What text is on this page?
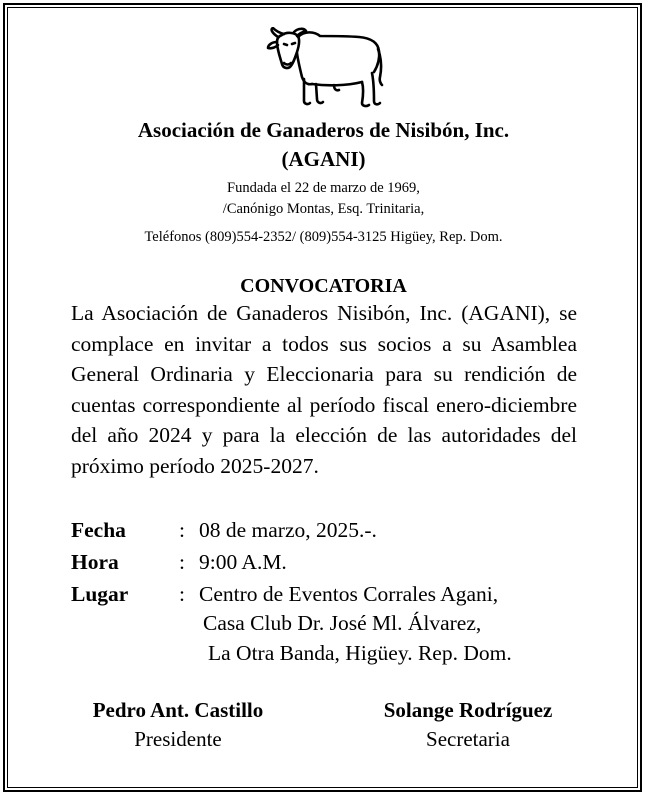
Asociación de Ganaderos de Nisibón, Inc.
(AGANI)
Fundada el 22 de marzo de 1969,
/Canónigo Montas, Esq. Trinitaria,
Teléfonos (809)554-2352/ (809)554-3125 Higüey, Rep. Dom.
CONVOCATORIA

La Asociación de Ganaderos Nisibón, Inc. (AGANI), se complace en invitar a todos sus socios a su Asamblea General Ordinaria y Eleccionaria para su rendición de cuentas correspondiente al período fiscal enero-diciembre del año 2024 y para la elección de las autoridades del próximo período 2025-2027.

Fecha : 08 de marzo, 2025.-.
Hora	: 9:00 A.M.
Lugar : Centro de Eventos Corrales Agani,
Casa Club Dr. José Ml. Álvarez,
La Otra Banda, Higüey. Rep. Dom.
Pedro Ant. Castillo
Presidente
Solange Rodríguez
Secretaria
